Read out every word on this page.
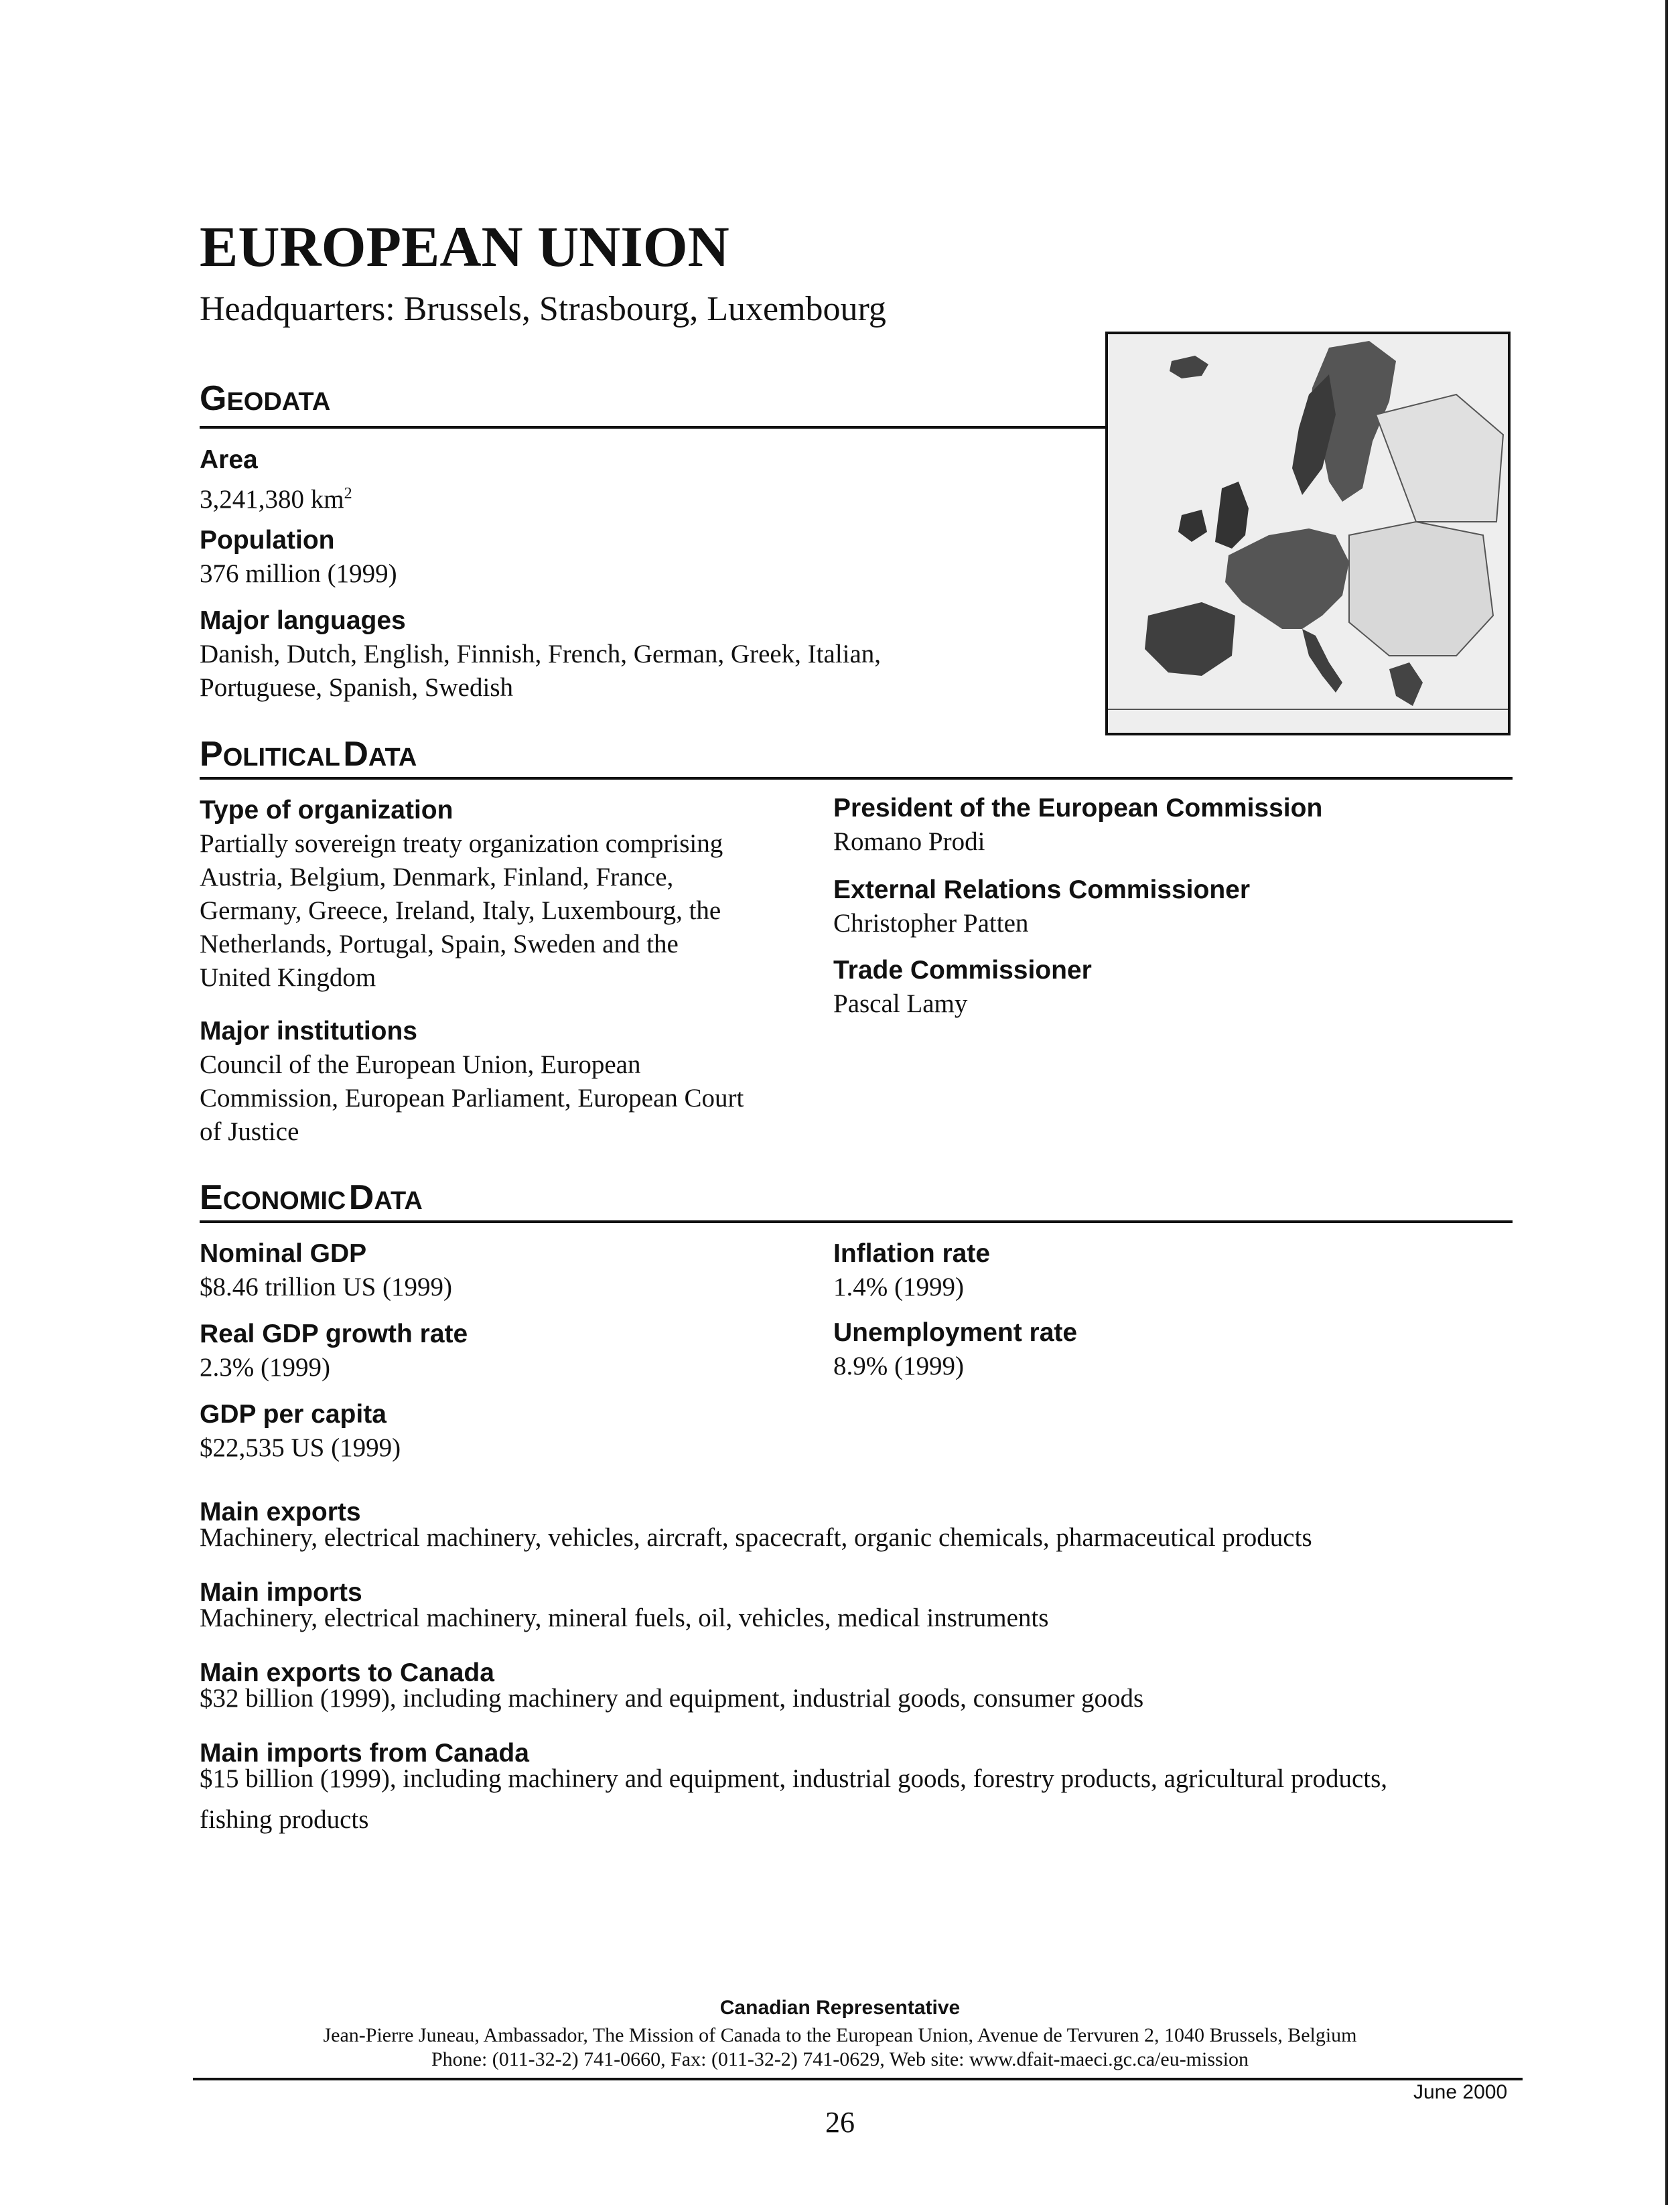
EUROPEAN UNION
Headquarters: Brussels, Strasbourg, Luxembourg
GEODATA
Area
3,241,380 $km^2$
Population
376 million (1999)
Major languages
Danish, Dutch, English, Finnish, French, German, Greek, Italian,
Portuguese, Spanish, Swedish
POLITICAL DATA
Type of organization
Partially sovereign treaty organization comprising
Austria, Belgium, Denmark, Finland, France,
Germany, Greece, Ireland, Italy, Luxembourg, the
Netherlands, Portugal, Spain, Sweden and the
United Kingdom
Major institutions
Council of the European Union, European
Commission, European Parliament, European Court
of Justice
President of the European Commission
Romano Prodi
External Relations Commissioner
Christopher Patten
Trade Commissioner
Pascal Lamy
ECONOMIC DATA
Nominal GDP
$8.46 trillion US (1999)
Real GDP growth rate
2.3% (1999)
GDP per capita
$22,535 US (1999)
Inflation rate
1.4% (1999)
Unemployment rate
8.9% (1999)
Main exports
Machinery, electrical machinery, vehicles, aircraft, spacecraft, organic chemicals, pharmaceutical products
Main imports
Machinery, electrical machinery, mineral fuels, oil, vehicles, medical instruments
Main exports to Canada
$32 billion (1999), including machinery and equipment, industrial goods, consumer goods
Main imports from Canada
$15 billion (1999), including machinery and equipment, industrial goods, forestry products, agricultural products,
fishing products
Canadian Representative
Jean-Pierre Juneau, Ambassador, The Mission of Canada to the European Union, Avenue de Tervuren 2, 1040 Brussels, Belgium
Phone: (011-32-2) 741-0660, Fax: (011-32-2) 741-0629, Web site: www.dfait-maeci.gc.ca/eu-mission
June 2000
26
